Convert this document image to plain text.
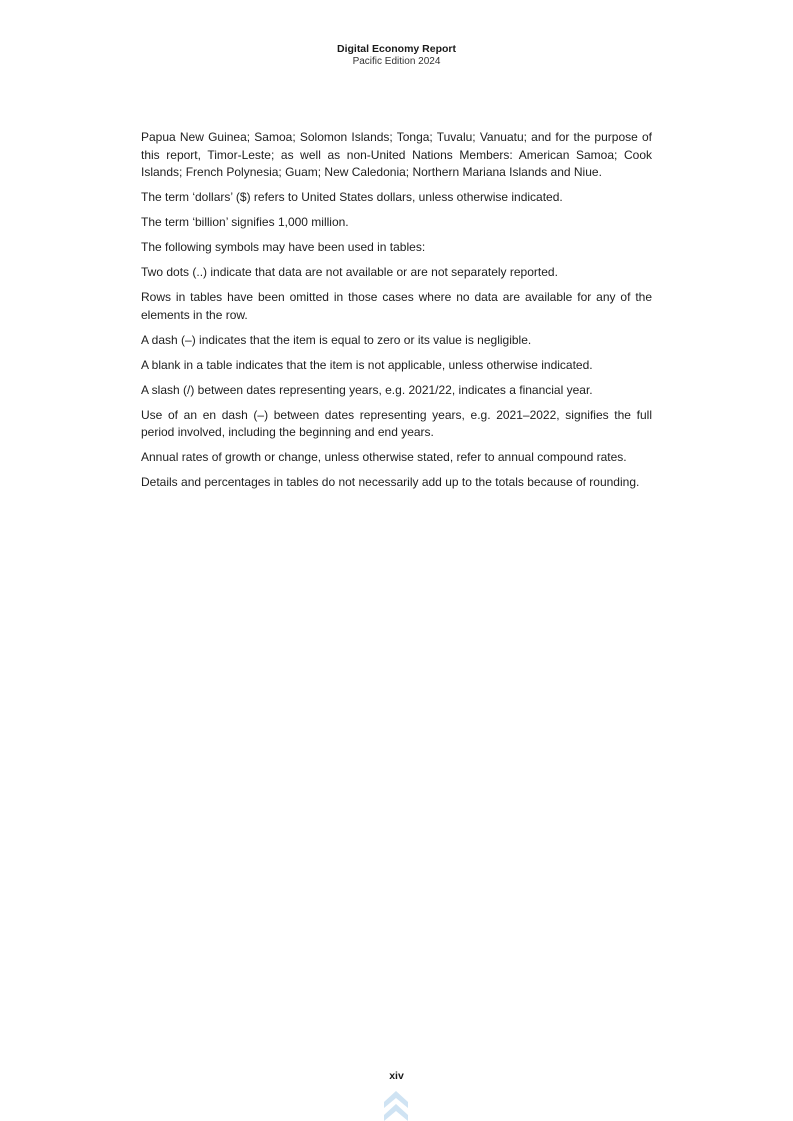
Digital Economy Report
Pacific Edition 2024

Papua New Guinea; Samoa; Solomon Islands; Tonga; Tuvalu; Vanuatu; and for the purpose of this report, Timor-Leste; as well as non-United Nations Members: American Samoa; Cook Islands; French Polynesia; Guam; New Caledonia; Northern Mariana Islands and Niue.

The term ‘dollars’ ($) refers to United States dollars, unless otherwise indicated.

The term ‘billion’ signifies 1,000 million.

The following symbols may have been used in tables:

Two dots (..) indicate that data are not available or are not separately reported.

Rows in tables have been omitted in those cases where no data are available for any of the elements in the row.

A dash (–) indicates that the item is equal to zero or its value is negligible.

A blank in a table indicates that the item is not applicable, unless otherwise indicated.

A slash (/) between dates representing years, e.g. 2021/22, indicates a financial year.

Use of an en dash (–) between dates representing years, e.g. 2021–2022, signifies the full period involved, including the beginning and end years.

Annual rates of growth or change, unless otherwise stated, refer to annual compound rates.

Details and percentages in tables do not necessarily add up to the totals because of rounding.

xiv
